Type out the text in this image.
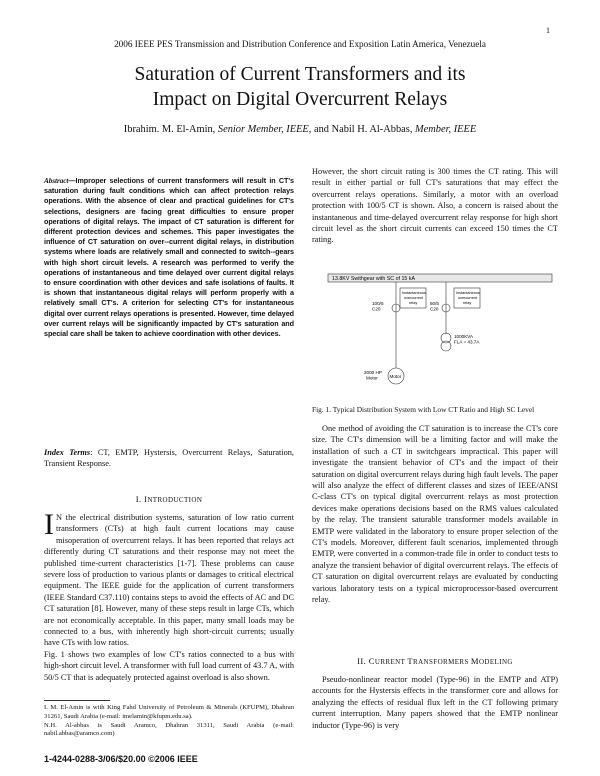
1
2006 IEEE PES Transmission and Distribution Conference and Exposition Latin America, Venezuela
Saturation of Current Transformers and its
Impact on Digital Overcurrent Relays
Ibrahim. M. El-Amin, Senior Member, IEEE, and Nabil H. Al-Abbas, Member, IEEE
Abstract—Improper selections of current transformers will result in CT's saturation during fault conditions which can affect protection relays operations. With the absence of clear and practical guidelines for CT's selections, designers are facing great difficulties to ensure proper operations of digital relays. The impact of CT saturation is different for different protection devices and schemes. This paper investigates the influence of CT saturation on over--current digital relays, in distribution systems where loads are relatively small and connected to switch--gears with high short circuit levels. A research was performed to verify the operations of instantaneous and time delayed over current digital relays to ensure coordination with other devices and safe isolations of faults. It is shown that instantaneous digital relays will perform properly with a relatively small CT's. A criterion for selecting CT's for instantaneous digital over current relays operations is presented. However, time delayed over current relays will be significantly impacted by CT's saturation and special care shall be taken to achieve coordination with other devices.
Index Terms: CT, EMTP, Hystersis, Overcurrent Relays, Saturation, Transient Response.
I. INTRODUCTION

I N the electrical distribution systems, saturation of low ratio current transformers (CTs) at high fault current locations may cause misoperation of overcurrent relays. It has been reported that relays act differently during CT saturations and their response may not meet the published time-current characteristics [1-7]. These problems can cause severe loss of production to various plants or damages to critical electrical equipment. The IEEE guide for the application of current transformers (IEEE Standard C37.110) contains steps to avoid the effects of AC and DC CT saturation [8]. However, many of these steps result in large CTs, which are not economically acceptable. In this paper, many small loads may be connected to a bus, with inherently high short-circuit currents; usually have CTs with low ratios.

Fig. 1 shows two examples of low CT's ratios connected to a bus with high-short circuit level. A transformer with full load current of 43.7 A, with 50/5 CT that is adequately protected against overload is also shown.

I. M. El-Amin is with King Fahd University of Petroleum & Minerals (KFUPM), Dhahran 31261, Saudi Arabia (e-mail: imelamin@kfupm.edu.sa).
N.H. Al-abbas is Saudi Aramco, Dhahran 31311, Saudi Arabia (e-mail: nabil.abbas@aramco.com)
1-4244-0288-3/06/$20.00 ©2006 IEEE
However, the short circuit rating is 300 times the CT rating. This will result in either partial or full CT's saturations that may effect the overcurrent relays operations. Similarly, a motor with an overload protection with 100/5 CT is shown. Also, a concern is raised about the instantaneous and time-delayed overcurrent relay response for high short circuit level as the short circuit currents can exceed 150 times the CT rating.
13.8KV Swithgear with SC of 15 kA
100/5
C20
50/5
C20
Instantaneous
overcurrent
relay
Instantaneous
overcurrent
relay
1000KVA
FLA = 43.7A
Motor
2000 HP
Motor
Fig. 1. Typical Distribution System with Low CT Ratio and High SC Level
One method of avoiding the CT saturation is to increase the CT's core size. The CT's dimension will be a limiting factor and will make the installation of such a CT in switchgears impractical. This paper will investigate the transient behavior of CT's and the impact of their saturation on digital overcurrent relays during high fault levels. The paper will also analyze the effect of different classes and sizes of IEEE/ANSI C-class CT's on typical digital overcurrent relays as most protection devices make operations decisions based on the RMS values calculated by the relay. The transient saturable transformer models available in EMTP were validated in the laboratory to ensure proper selection of the CT's models. Moreover, different fault scenarios, implemented through EMTP, were converted in a common-trade file in order to conduct tests to analyze the transient behavior of digital overcurrent relays. The effects of CT saturation on digital overcurrent relays are evaluated by conducting various laboratory tests on a typical microprocessor-based overcurrent relay.
II. CURRENT TRANSFORMERS MODELING
Pseudo-nonlinear reactor model (Type-96) in the EMTP and ATP) accounts for the Hystersis effects in the transformer core and allows for analyzing the effects of residual flux left in the CT following primary current interruption. Many papers showed that the EMTP nonlinear inductor (Type-96) is very
